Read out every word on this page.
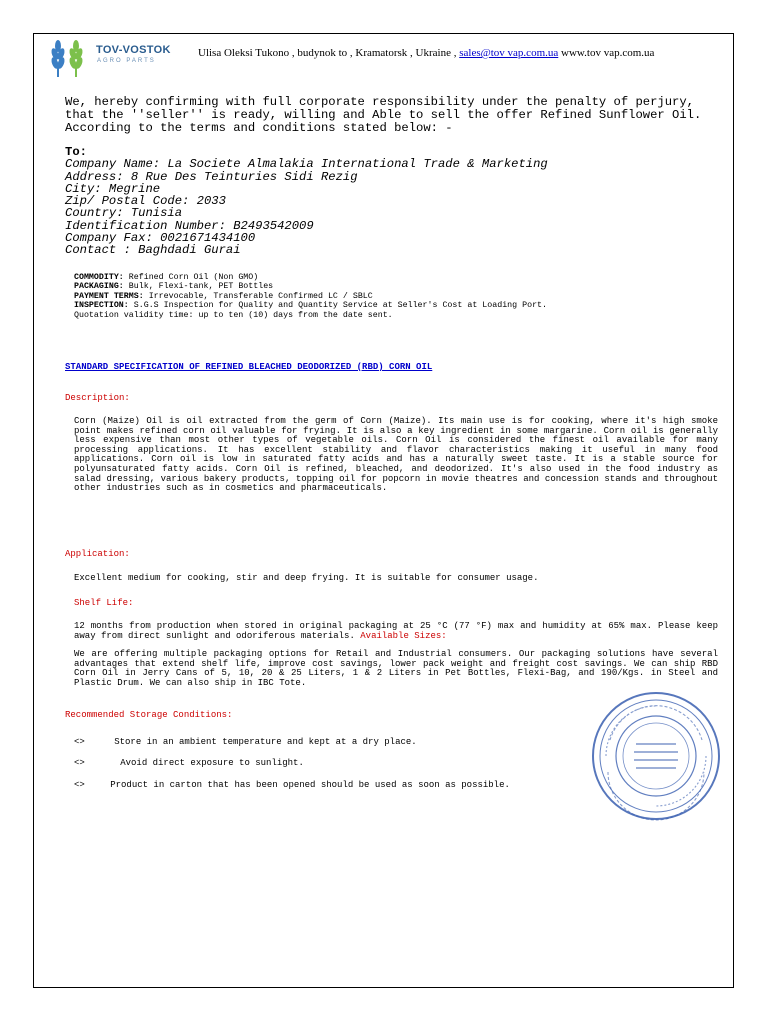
TOV-VOSTOK
AGRO PARTS
Ulisa Oleksi Tukono , budynok to , Kramatorsk , Ukraine , sales@tov vap.com.ua www.tov vap.com.ua
We, hereby confirming with full corporate responsibility under the penalty of perjury, that the ''seller'' is ready, willing and Able to sell the offer Refined Sunflower Oil. According to the terms and conditions stated below: -
To:
Company Name: La Societe Almalakia International Trade & Marketing
Address: 8 Rue Des Teinturies Sidi Rezig
City: Megrine
Zip/ Postal Code: 2033
Country: Tunisia
Identification Number: B2493542009
Company Fax: 0021671434100
Contact : Baghdadi Gurai
COMMODITY: Refined Corn Oil (Non GMO)
PACKAGING: Bulk, Flexi-tank, PET Bottles
PAYMENT TERMS: Irrevocable, Transferable Confirmed LC / SBLC
INSPECTION: S.G.S Inspection for Quality and Quantity Service at Seller's Cost at Loading Port.
Quotation validity time: up to ten (10) days from the date sent.
STANDARD SPECIFICATION OF REFINED BLEACHED DEODORIZED (RBD) CORN OIL
Description:
Corn (Maize) Oil is oil extracted from the germ of Corn (Maize). Its main use is for cooking, where it's high smoke point makes refined corn oil valuable for frying. It is also a key ingredient in some margarine. Corn oil is generally less expensive than most other types of vegetable oils. Corn Oil is considered the finest oil available for many processing applications. It has excellent stability and flavor characteristics making it useful in many food applications. Corn oil is low in saturated fatty acids and has a naturally sweet taste. It is a stable source for polyunsaturated fatty acids. Corn Oil is refined, bleached, and deodorized. It's also used in the food industry as salad dressing, various bakery products, topping oil for popcorn in movie theatres and concession stands and throughout other industries such as in cosmetics and pharmaceuticals.
Application:
Excellent medium for cooking, stir and deep frying. It is suitable for consumer usage.
Shelf Life:
12 months from production when stored in original packaging at 25 °C (77 °F) max and humidity at 65% max. Please keep away from direct sunlight and odoriferous materials. Available Sizes:
We are offering multiple packaging options for Retail and Industrial consumers. Our packaging solutions have several advantages that extend shelf life, improve cost savings, lower pack weight and freight cost savings. We can ship RBD Corn Oil in Jerry Cans of 5, 10, 20 & 25 Liters, 1 & 2 Liters in Pet Bottles, Flexi-Bag, and 190/Kgs. in Steel and Plastic Drum. We can also ship in IBC Tote.
Recommended Storage Conditions:
<>	Store in an ambient temperature and kept at a dry place.
<>	Avoid direct exposure to sunlight.
<>	Product in carton that has been opened should be used as soon as possible.
